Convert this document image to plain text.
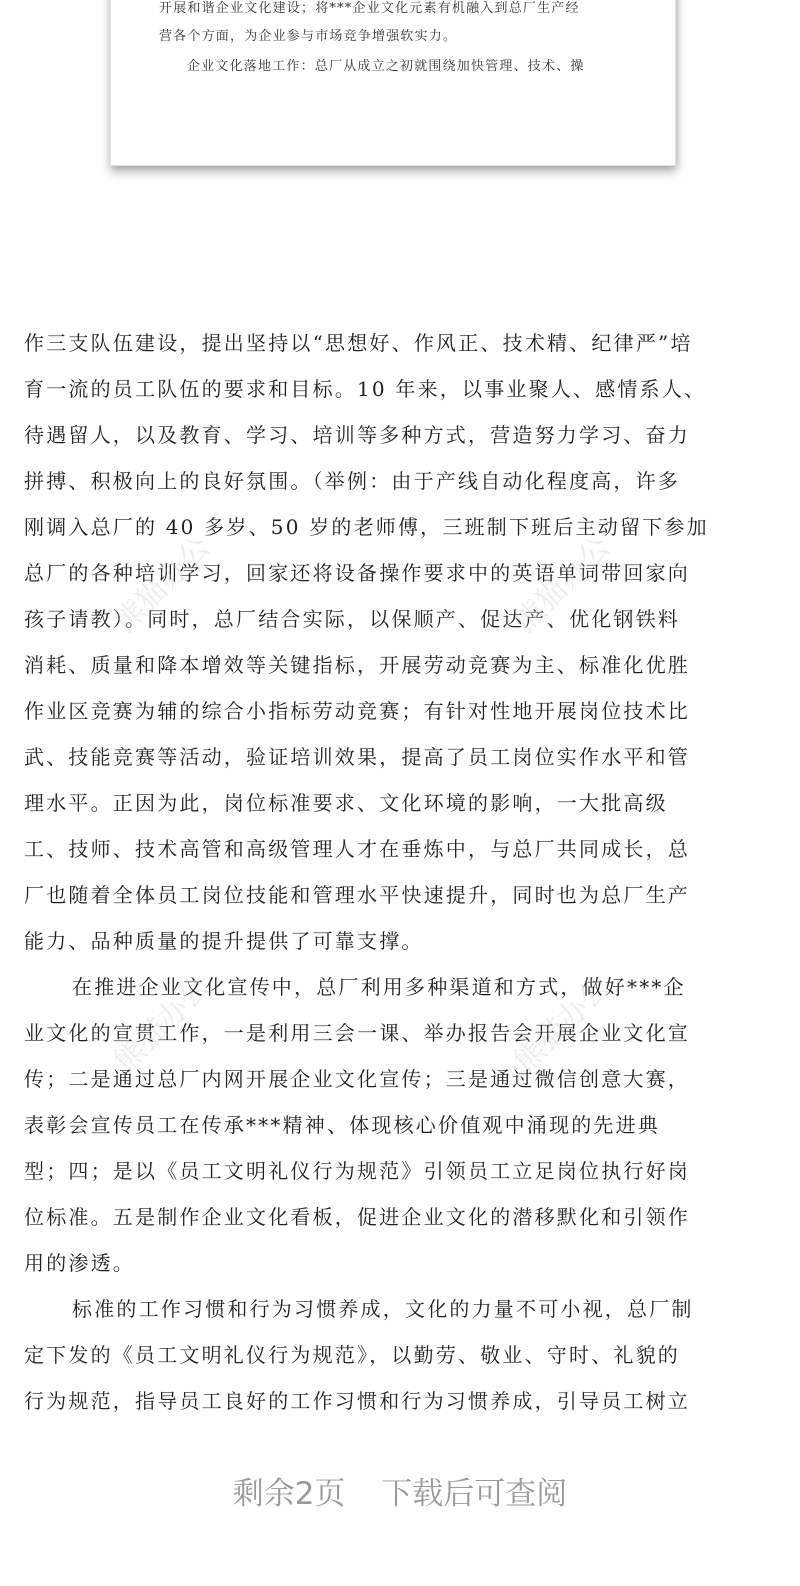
开展和谐企业文化建设；将***企业文化元素有机融入到总厂生产经
营各个方面，为企业参与市场竞争增强软实力。
企业文化落地工作：总厂从成立之初就围绕加快管理、技术、操
作三支队伍建设，提出坚持以“思想好、作风正、技术精、纪律严”培
育一流的员工队伍的要求和目标。10 年来，以事业聚人、感情系人、
待遇留人，以及教育、学习、培训等多种方式，营造努力学习、奋力
拼搏、积极向上的良好氛围。（举例：由于产线自动化程度高，许多
刚调入总厂的 40 多岁、50 岁的老师傅，三班制下班后主动留下参加
总厂的各种培训学习，回家还将设备操作要求中的英语单词带回家向
孩子请教）。同时，总厂结合实际，以保顺产、促达产、优化钢铁料
消耗、质量和降本增效等关键指标，开展劳动竞赛为主、标准化优胜
作业区竞赛为辅的综合小指标劳动竞赛；有针对性地开展岗位技术比
武、技能竞赛等活动，验证培训效果，提高了员工岗位实作水平和管
理水平。正因为此，岗位标准要求、文化环境的影响，一大批高级
工、技师、技术高管和高级管理人才在垂炼中，与总厂共同成长，总
厂也随着全体员工岗位技能和管理水平快速提升，同时也为总厂生产
能力、品种质量的提升提供了可靠支撑。
在推进企业文化宣传中，总厂利用多种渠道和方式，做好***企
业文化的宣贯工作，一是利用三会一课、举办报告会开展企业文化宣
传；二是通过总厂内网开展企业文化宣传；三是通过微信创意大赛，
表彰会宣传员工在传承***精神、体现核心价值观中涌现的先进典
型；四；是以《员工文明礼仪行为规范》引领员工立足岗位执行好岗
位标准。五是制作企业文化看板，促进企业文化的潜移默化和引领作
用的渗透。
标准的工作习惯和行为习惯养成，文化的力量不可小视，总厂制
定下发的《员工文明礼仪行为规范》，以勤劳、敬业、守时、礼貌的
行为规范，指导员工良好的工作习惯和行为习惯养成，引导员工树立
熊猫办公	熊猫办公
熊猫办公	熊猫办公
剩余2页 下载后可查阅
